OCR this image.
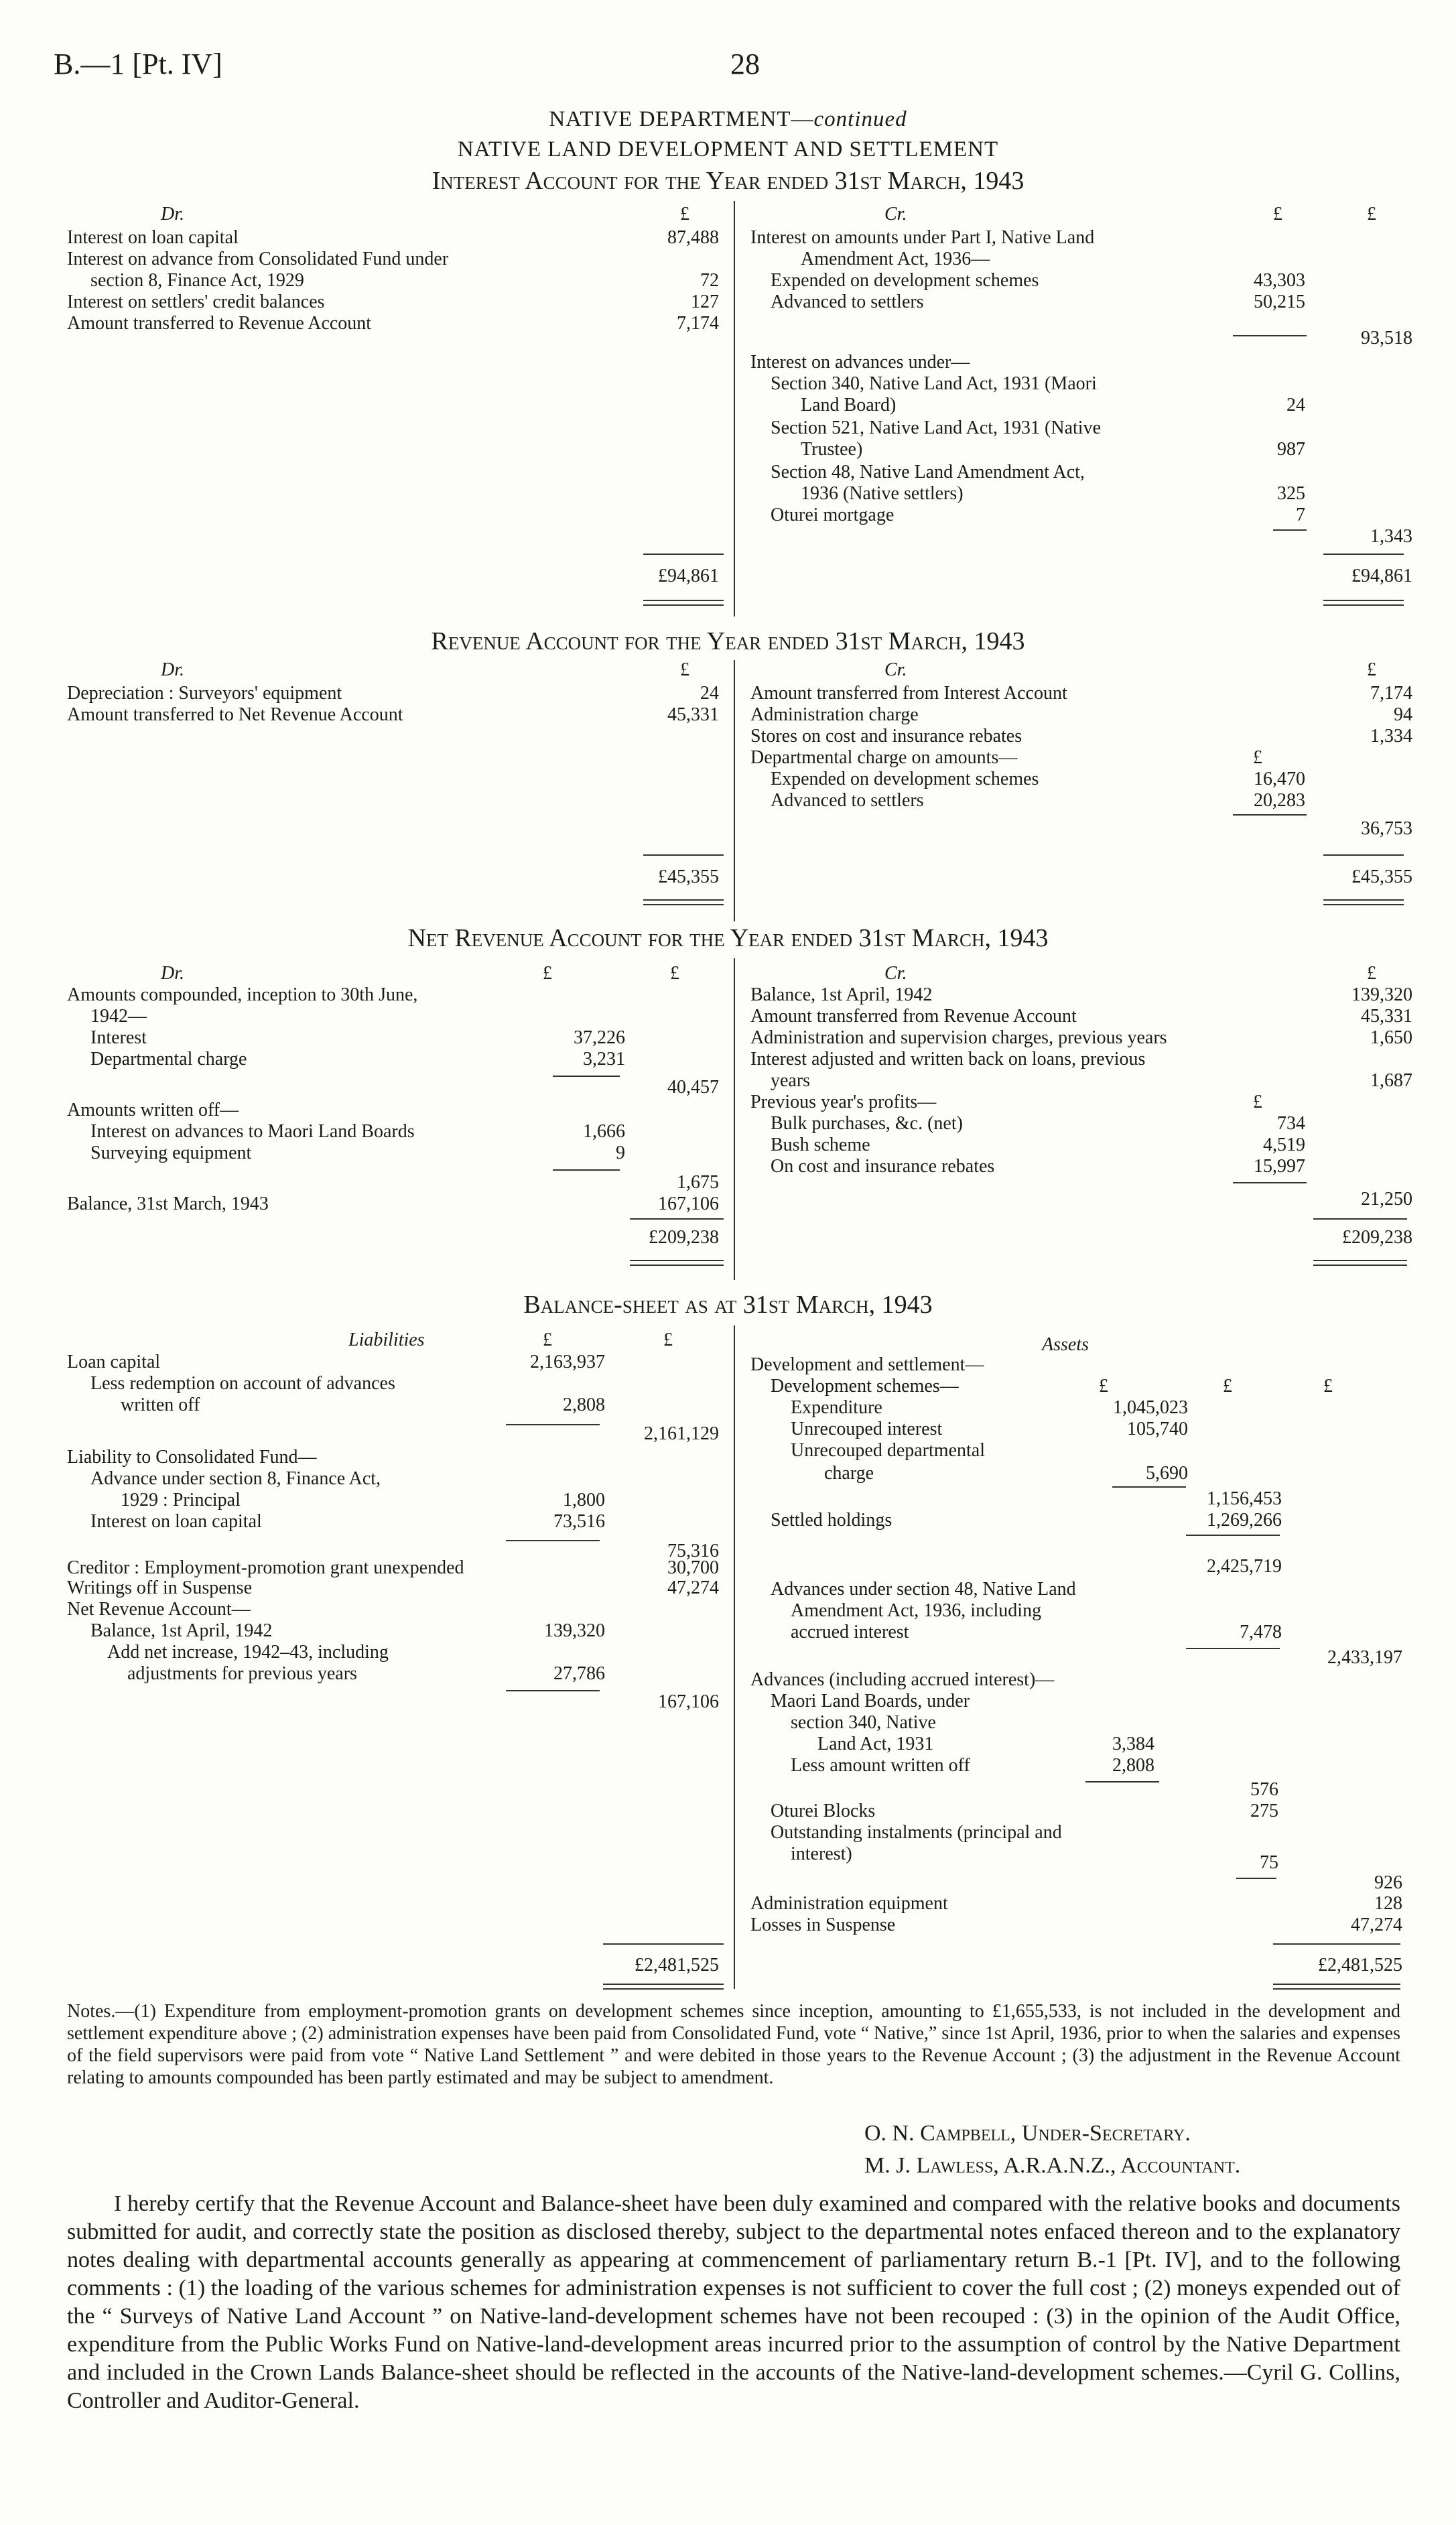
B.—1 [Pt. IV]	28
NATIVE DEPARTMENT—continued
NATIVE LAND DEVELOPMENT AND SETTLEMENT
Interest Account for the Year ended 31st March, 1943
Dr.	£	Cr.	£	£
Interest on loan capital	87,488
Interest on advance from Consolidated Fund under
section 8, Finance Act, 1929	72
Interest on settlers' credit balances	127
Amount transferred to Revenue Account	7,174
Interest on amounts under Part I, Native Land
Amendment Act, 1936—
Expended on development schemes	43,303
Advanced to settlers	50,215
93,518
Interest on advances under—
Section 340, Native Land Act, 1931 (Maori
Land Board)	24
Section 521, Native Land Act, 1931 (Native
Trustee)	987
Section 48, Native Land Amendment Act,
1936 (Native settlers)	325
Oturei mortgage	7
1,343
£94,861	£94,861
Revenue Account for the Year ended 31st March, 1943
Dr.	£	Cr.	£
Depreciation : Surveyors' equipment	24
Amount transferred to Net Revenue Account	45,331
Amount transferred from Interest Account	7,174
Administration charge	94
Stores on cost and insurance rebates	1,334
Departmental charge on amounts—	£
Expended on development schemes	16,470
Advanced to settlers	20,283
36,753
£45,355	£45,355
Net Revenue Account for the Year ended 31st March, 1943
Dr.	£	£	Cr.	£
Amounts compounded, inception to 30th June,
1942—
Interest	37,226
Departmental charge	3,231
40,457
Amounts written off—
Interest on advances to Maori Land Boards	1,666
Surveying equipment	9
1,675
Balance, 31st March, 1943	167,106
Balance, 1st April, 1942	139,320
Amount transferred from Revenue Account	45,331
Administration and supervision charges, previous years	1,650
Interest adjusted and written back on loans, previous
years	1,687
Previous year's profits—	£
Bulk purchases, &c. (net)	734
Bush scheme	4,519
On cost and insurance rebates	15,997
21,250
£209,238	£209,238
Balance-sheet as at 31st March, 1943
Liabilities	£	£	Assets
Loan capital	2,163,937
Less redemption on account of advances
written off	2,808
2,161,129
Liability to Consolidated Fund—
Advance under section 8, Finance Act,
1929 : Principal	1,800
Interest on loan capital	73,516
75,316
Creditor : Employment-promotion grant unexpended	30,700
Writings off in Suspense	47,274
Net Revenue Account—
Balance, 1st April, 1942	139,320
Add net increase, 1942–43, including
adjustments for previous years	27,786
167,106
Development and settlement—
Development schemes—	£	£	£
Expenditure	1,045,023
Unrecouped interest	105,740
Unrecouped departmental
charge	5,690
1,156,453
Settled holdings	1,269,266
2,425,719
Advances under section 48, Native Land
Amendment Act, 1936, including
accrued interest	7,478
2,433,197
Advances (including accrued interest)—
Maori Land Boards, under
section 340, Native
Land Act, 1931	3,384
Less amount written off	2,808
576
Oturei Blocks	275
Outstanding instalments (principal and
interest)	75
926
Administration equipment	128
Losses in Suspense	47,274
£2,481,525	£2,481,525
Notes.—(1) Expenditure from employment-promotion grants on development schemes since inception, amounting to £1,655,533, is not included in the development and settlement expenditure above ; (2) administration expenses have been paid from Consolidated Fund, vote “ Native,” since 1st April, 1936, prior to when the salaries and expenses of the field supervisors were paid from vote “ Native Land Settlement ” and were debited in those years to the Revenue Account ; (3) the adjustment in the Revenue Account relating to amounts compounded has been partly estimated and may be subject to amendment.
O. N. Campbell, Under-Secretary.
M. J. Lawless, A.R.A.N.Z., Accountant.
I hereby certify that the Revenue Account and Balance-sheet have been duly examined and compared with the relative books and documents submitted for audit, and correctly state the position as disclosed thereby, subject to the departmental notes enfaced thereon and to the explanatory notes dealing with departmental accounts generally as appearing at commencement of parliamentary return B.-1 [Pt. IV], and to the following comments : (1) the loading of the various schemes for administration expenses is not sufficient to cover the full cost ; (2) moneys expended out of the “ Surveys of Native Land Account ” on Native-land-development schemes have not been recouped : (3) in the opinion of the Audit Office, expenditure from the Public Works Fund on Native-land-development areas incurred prior to the assumption of control by the Native Department and included in the Crown Lands Balance-sheet should be reflected in the accounts of the Native-land-development schemes.—Cyril G. Collins, Controller and Auditor-General.
